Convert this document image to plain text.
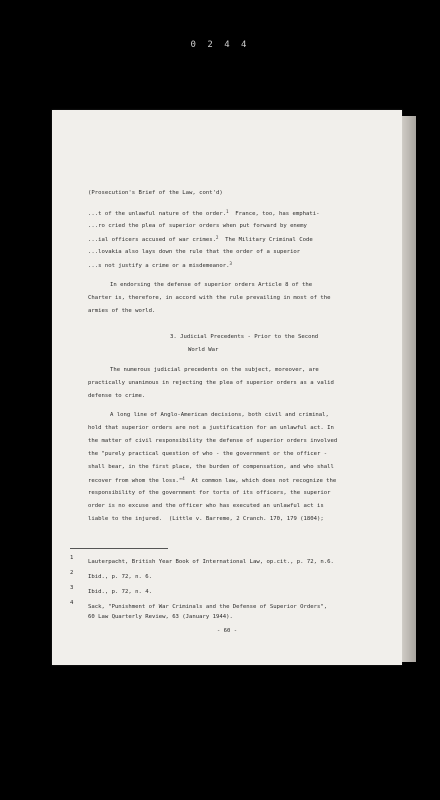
0 2 4 4
(Prosecution's Brief of the Law, cont'd)
...t of the unlawful nature of the order.$^1$ France, too, has emphati-
...ro cried the plea of superior orders when put forward by enemy
...ial officers accused of war crimes.$^2$ The Military Criminal Code
...lovakia also lays down the rule that the order of a superior
...s not justify a crime or a misdemeanor.$^3$
In endorsing the defense of superior orders Article 8 of the
Charter is, therefore, in accord with the rule prevailing in most of the
armies of the world.
3. Judicial Precedents - Prior to the Second
World War
The numerous judicial precedents on the subject, moreover, are
practically unanimous in rejecting the plea of superior orders as a valid
defense to crime.
A long line of Anglo-American decisions, both civil and criminal,
hold that superior orders are not a justification for an unlawful act. In
the matter of civil responsibility the defense of superior orders involved
the "purely practical question of who - the government or the officer -
shall bear, in the first place, the burden of compensation, and who shall
recover from whom the loss."$^4$ At common law, which does not recognize the
responsibility of the government for torts of its officers, the superior
order is no excuse and the officer who has executed an unlawful act is
liable to the injured. (Little v. Barreme, 2 Cranch. 170, 179 (1804);
1
Lauterpacht, British Year Book of International Law, op.cit., p. 72, n.6.
2
Ibid., p. 72, n. 6.
3
Ibid., p. 72, n. 4.
4
Sack, "Punishment of War Criminals and the Defense of Superior Orders",
60 Law Quarterly Review, 63 (January 1944).
- 60 -
